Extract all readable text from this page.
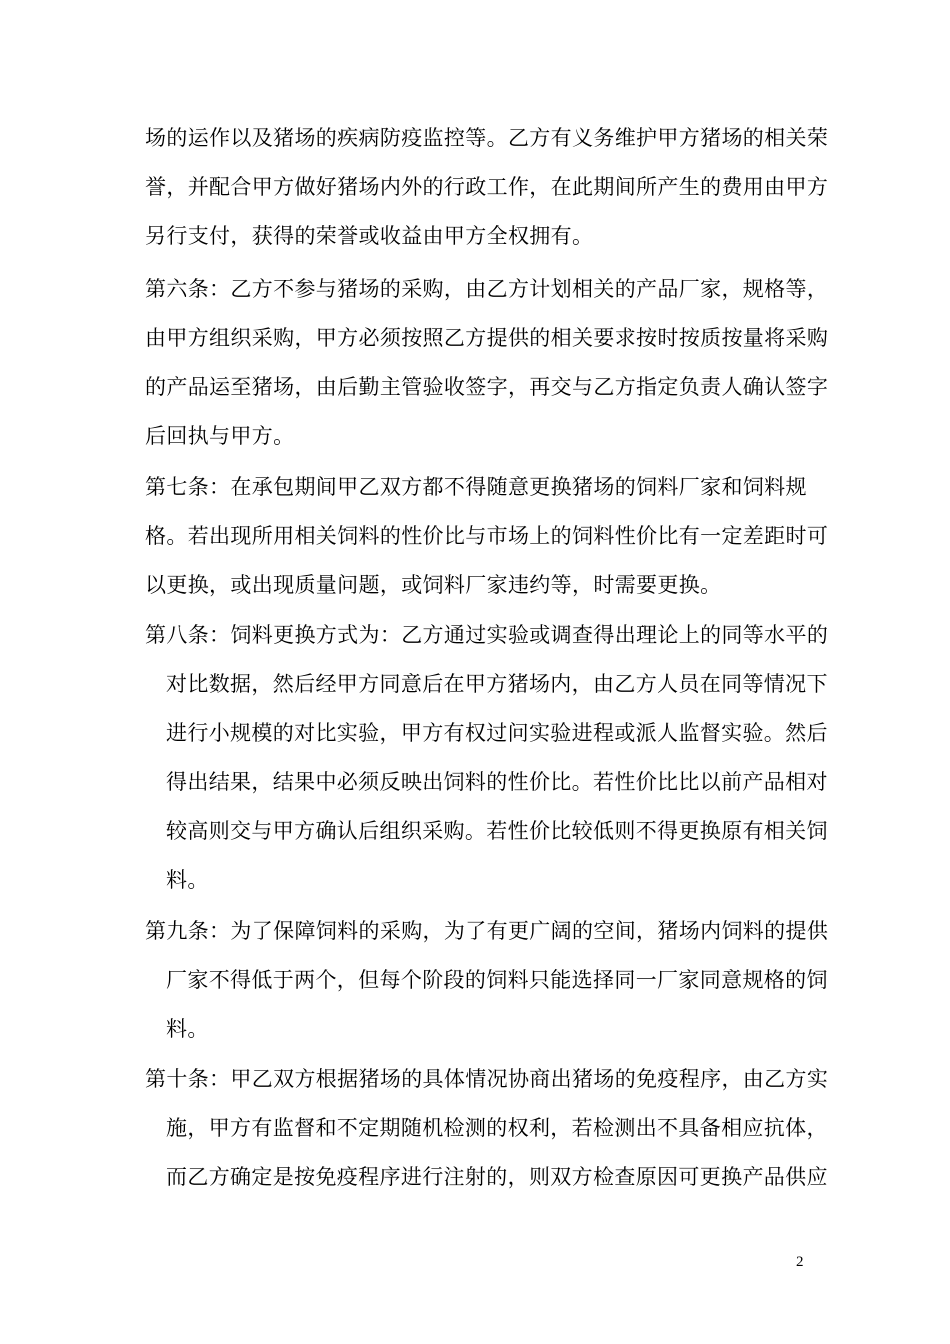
场的运作以及猪场的疾病防疫监控等。乙方有义务维护甲方猪场的相关荣
誉，并配合甲方做好猪场内外的行政工作，在此期间所产生的费用由甲方
另行支付，获得的荣誉或收益由甲方全权拥有。
第六条：乙方不参与猪场的采购，由乙方计划相关的产品厂家，规格等，
由甲方组织采购，甲方必须按照乙方提供的相关要求按时按质按量将采购
的产品运至猪场，由后勤主管验收签字，再交与乙方指定负责人确认签字
后回执与甲方。
第七条：在承包期间甲乙双方都不得随意更换猪场的饲料厂家和饲料规
格。若出现所用相关饲料的性价比与市场上的饲料性价比有一定差距时可
以更换，或出现质量问题，或饲料厂家违约等，时需要更换。
第八条：饲料更换方式为：乙方通过实验或调查得出理论上的同等水平的
对比数据，然后经甲方同意后在甲方猪场内，由乙方人员在同等情况下
进行小规模的对比实验，甲方有权过问实验进程或派人监督实验。然后
得出结果，结果中必须反映出饲料的性价比。若性价比比以前产品相对
较高则交与甲方确认后组织采购。若性价比较低则不得更换原有相关饲
料。
第九条：为了保障饲料的采购，为了有更广阔的空间，猪场内饲料的提供
厂家不得低于两个，但每个阶段的饲料只能选择同一厂家同意规格的饲
料。
第十条：甲乙双方根据猪场的具体情况协商出猪场的免疫程序，由乙方实
施，甲方有监督和不定期随机检测的权利，若检测出不具备相应抗体，
而乙方确定是按免疫程序进行注射的，则双方检查原因可更换产品供应
2
